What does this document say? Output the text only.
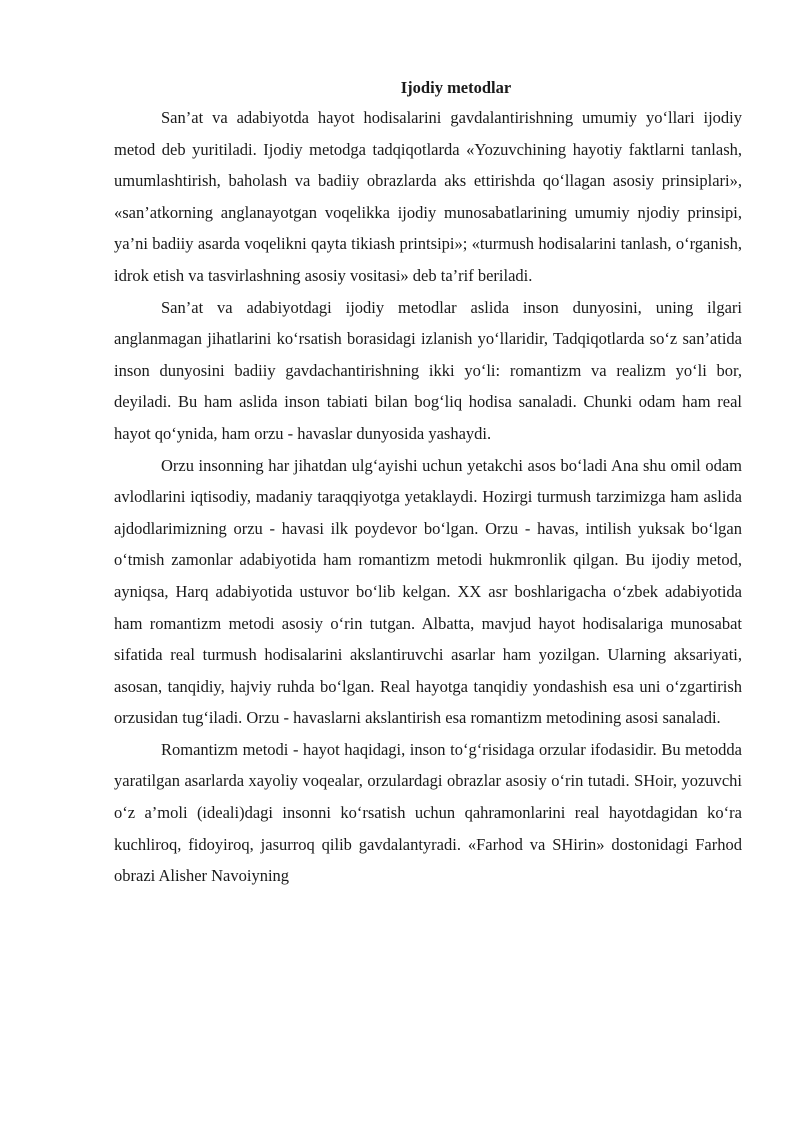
Ijodiy metodlar

San’at va adabiyotda hayot hodisalarini gavdalantirishning umumiy yo‘llari ijodiy metod deb yuritiladi. Ijodiy metodga tadqiqotlarda «Yozuvchining hayotiy faktlarni tanlash, umumlashtirish, baholash va badiiy obrazlarda aks ettirishda qo‘llagan asosiy prinsiplari», «san’atkorning anglanayotgan voqelikka ijodiy munosabatlarining umumiy njodiy prinsipi, ya’ni badiiy asarda voqelikni qayta tikiash printsipi»; «turmush hodisalarini tanlash, o‘rganish, idrok etish va tasvirlashning asosiy vositasi» deb ta’rif beriladi.

San’at va adabiyotdagi ijodiy metodlar aslida inson dunyosini, uning ilgari anglanmagan jihatlarini ko‘rsatish borasidagi izlanish yo‘llaridir, Tadqiqotlarda so‘z san’atida inson dunyosini badiiy gavdachantirishning ikki yo‘li: romantizm va realizm yo‘li bor, deyiladi. Bu ham aslida inson tabiati bilan bog‘liq hodisa sanaladi. Chunki odam ham real hayot qo‘ynida, ham orzu - havaslar dunyosida yashaydi.

Orzu insonning har jihatdan ulg‘ayishi uchun yetakchi asos bo‘ladi Ana shu omil odam avlodlarini iqtisodiy, madaniy taraqqiyotga yetaklaydi. Hozirgi turmush tarzimizga ham aslida ajdodlarimizning orzu - havasi ilk poydevor bo‘lgan. Orzu - havas, intilish yuksak bo‘lgan o‘tmish zamonlar adabiyotida ham romantizm metodi hukmronlik qilgan. Bu ijodiy metod, ayniqsa, Harq adabiyotida ustuvor bo‘lib kelgan. XX asr boshlarigacha o‘zbek adabiyotida ham romantizm metodi asosiy o‘rin tutgan. Albatta, mavjud hayot hodisalariga munosabat sifatida real turmush hodisalarini akslantiruvchi asarlar ham yozilgan. Ularning aksariyati, asosan, tanqidiy, hajviy ruhda bo‘lgan. Real hayotga tanqidiy yondashish esa uni o‘zgartirish orzusidan tug‘iladi. Orzu - havaslarni akslantirish esa romantizm metodining asosi sanaladi.

Romantizm metodi - hayot haqidagi, inson to‘g‘risidaga orzular ifodasidir. Bu metodda yaratilgan asarlarda xayoliy voqealar, orzulardagi obrazlar asosiy o‘rin tutadi. SHoir, yozuvchi o‘z a’moli (ideali)dagi insonni ko‘rsatish uchun qahramonlarini real hayotdagidan ko‘ra kuchliroq, fidoyiroq, jasurroq qilib gavdalantyradi. «Farhod va SHirin» dostonidagi Farhod obrazi Alisher Navoiyning
